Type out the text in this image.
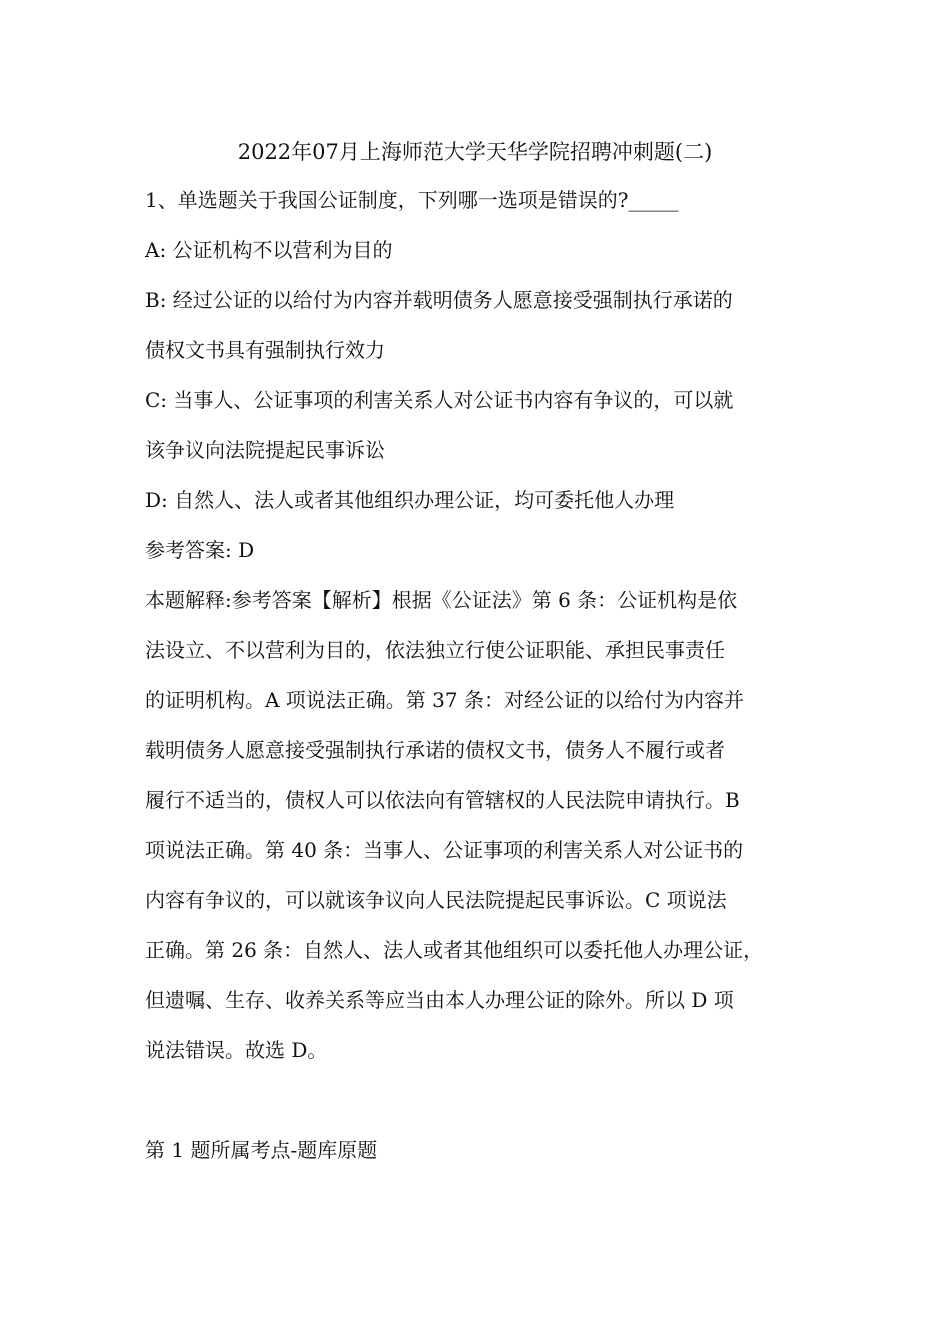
2022年07月上海师范大学天华学院招聘冲刺题(二)
1、单选题关于我国公证制度，下列哪一选项是错误的?_____
A: 公证机构不以营利为目的
B: 经过公证的以给付为内容并载明债务人愿意接受强制执行承诺的
债权文书具有强制执行效力
C: 当事人、公证事项的利害关系人对公证书内容有争议的，可以就
该争议向法院提起民事诉讼
D: 自然人、法人或者其他组织办理公证，均可委托他人办理
参考答案: D
本题解释:参考答案【解析】根据《公证法》第 6 条：公证机构是依
法设立、不以营利为目的，依法独立行使公证职能、承担民事责任
的证明机构。A 项说法正确。第 37 条：对经公证的以给付为内容并
载明债务人愿意接受强制执行承诺的债权文书，债务人不履行或者
履行不适当的，债权人可以依法向有管辖权的人民法院申请执行。B
项说法正确。第 40 条：当事人、公证事项的利害关系人对公证书的
内容有争议的，可以就该争议向人民法院提起民事诉讼。C 项说法
正确。第 26 条：自然人、法人或者其他组织可以委托他人办理公证，
但遗嘱、生存、收养关系等应当由本人办理公证的除外。所以 D 项
说法错误。故选 D。
第 1 题所属考点-题库原题
